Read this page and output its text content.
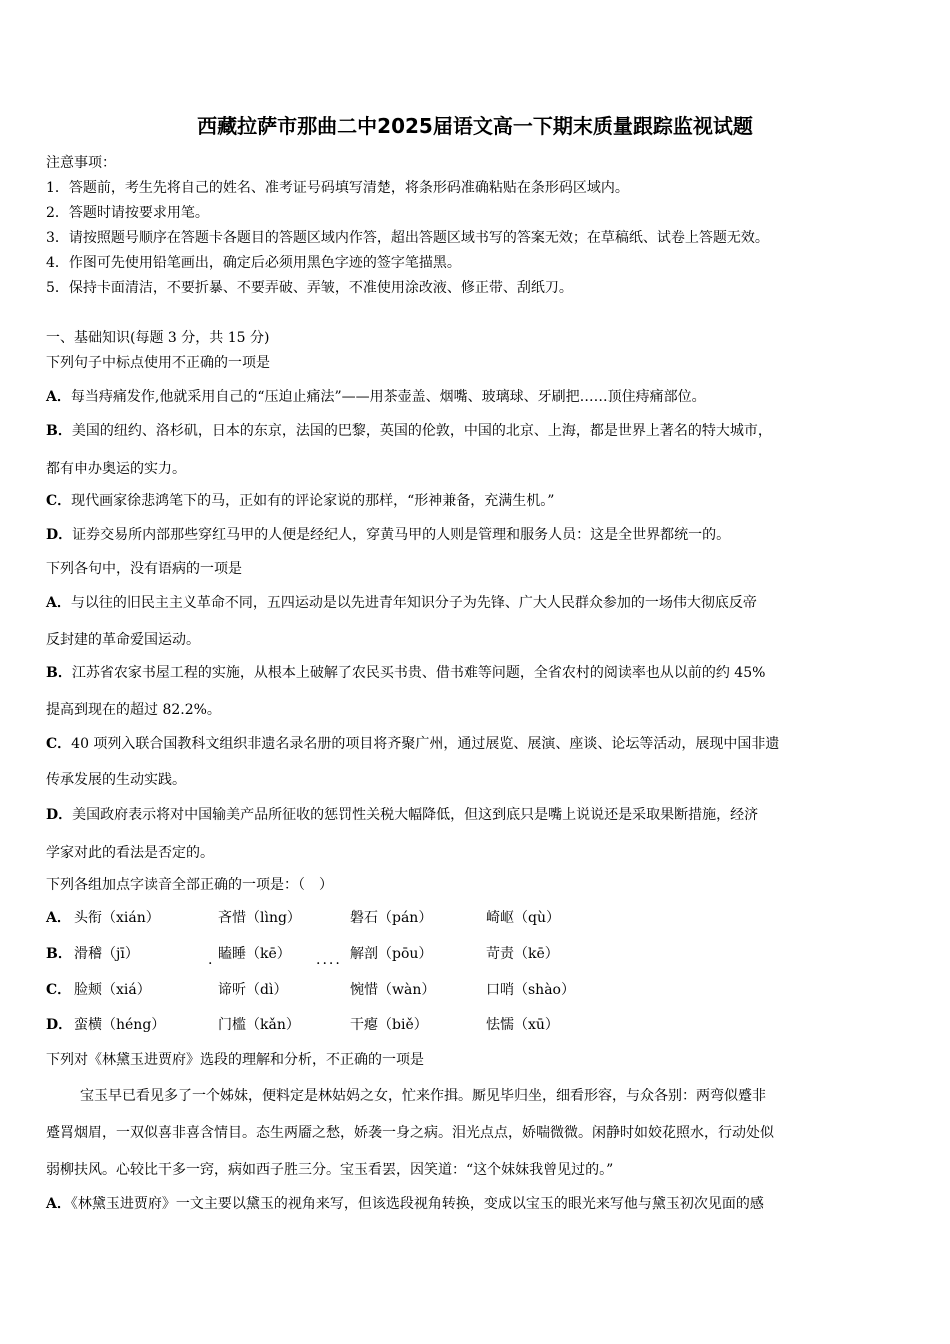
西藏拉萨市那曲二中2025届语文高一下期末质量跟踪监视试题
注意事项：
1．答题前，考生先将自己的姓名、准考证号码填写清楚，将条形码准确粘贴在条形码区域内。
2．答题时请按要求用笔。
3．请按照题号顺序在答题卡各题目的答题区域内作答，超出答题区域书写的答案无效；在草稿纸、试卷上答题无效。
4．作图可先使用铅笔画出，确定后必须用黑色字迹的签字笔描黑。
5．保持卡面清洁，不要折暴、不要弄破、弄皱，不准使用涂改液、修正带、刮纸刀。
一、基础知识(每题 3 分，共 15 分)
下列句子中标点使用不正确的一项是
A．每当痔痛发作,他就采用自己的“压迫止痛法”——用茶壶盖、烟嘴、玻璃球、牙刷把……顶住痔痛部位。
B．美国的纽约、洛杉矶，日本的东京，法国的巴黎，英国的伦敦，中国的北京、上海，都是世界上著名的特大城市，
都有申办奥运的实力。
C．现代画家徐悲鸿笔下的马，正如有的评论家说的那样，“形神兼备，充满生机。”
D．证券交易所内部那些穿红马甲的人便是经纪人，穿黄马甲的人则是管理和服务人员：这是全世界都统一的。
下列各句中，没有语病的一项是
A．与以往的旧民主主义革命不同，五四运动是以先进青年知识分子为先锋、广大人民群众参加的一场伟大彻底反帝
反封建的革命爱国运动。
B．江苏省农家书屋工程的实施，从根本上破解了农民买书贵、借书难等问题，全省农村的阅读率也从以前的约 45%
提高到现在的超过 82.2%。
C．40 项列入联合国教科文组织非遗名录名册的项目将齐聚广州，通过展览、展演、座谈、论坛等活动，展现中国非遗
传承发展的生动实践。
D．美国政府表示将对中国输美产品所征收的惩罚性关税大幅降低，但这到底只是嘴上说说还是采取果断措施，经济
学家对此的看法是否定的。
下列各组加点字读音全部正确的一项是：（　）
A． 头衔（xián）	吝惜（lìng）	磐石（pán）	崎岖（qù）
B． 滑稽（jī）	瞌睡（kē）	解剖（pōu）	苛责（kē）
.	....
C． 脸颊（xiá）	谛听（dì）	惋惜（wàn）	口哨（shào）
D． 蛮横（héng）	门槛（kǎn）	干瘪（biě）	怯懦（xū）
下列对《林黛玉进贾府》选段的理解和分析，不正确的一项是
宝玉早已看见多了一个姊妹，便料定是林姑妈之女，忙来作揖。厮见毕归坐，细看形容，与众各别：两弯似蹙非
蹙罥烟眉，一双似喜非喜含情目。态生两靥之愁，娇袭一身之病。泪光点点，娇喘微微。闲静时如姣花照水，行动处似
弱柳扶风。心较比干多一窍，病如西子胜三分。宝玉看罢，因笑道：“这个妹妹我曾见过的。”
A．《林黛玉进贾府》一文主要以黛玉的视角来写，但该选段视角转换，变成以宝玉的眼光来写他与黛玉初次见面的感
